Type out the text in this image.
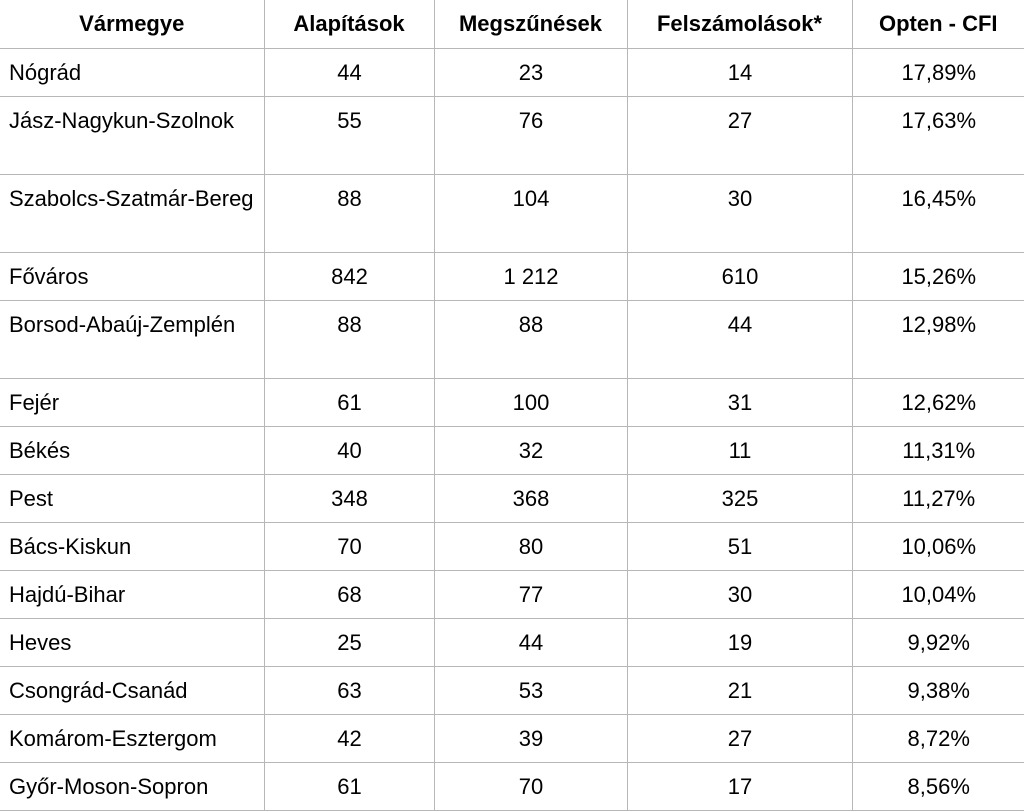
Vármegye	Alapítások	Megszűnések	Felszámolások*	Opten - CFI
Nógrád	44	23	14	17,89%
Jász-Nagykun-Szolnok	55	76	27	17,63%
Szabolcs-Szatmár-Bereg	88	104	30	16,45%
Főváros	842	1 212	610	15,26%
Borsod-Abaúj-Zemplén	88	88	44	12,98%
Fejér	61	100	31	12,62%
Békés	40	32	11	11,31%
Pest	348	368	325	11,27%
Bács-Kiskun	70	80	51	10,06%
Hajdú-Bihar	68	77	30	10,04%
Heves	25	44	19	9,92%
Csongrád-Csanád	63	53	21	9,38%
Komárom-Esztergom	42	39	27	8,72%
Győr-Moson-Sopron	61	70	17	8,56%
